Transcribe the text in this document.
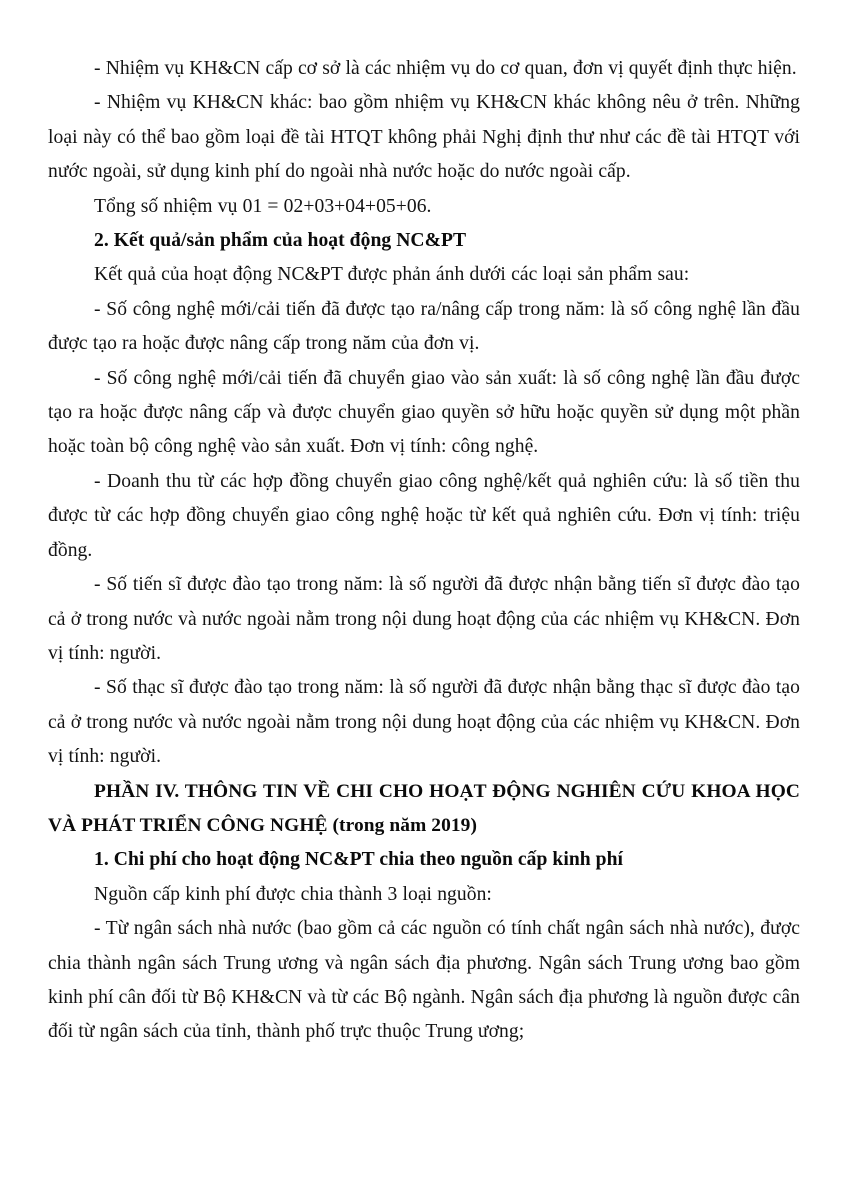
- Nhiệm vụ KH&CN cấp cơ sở là các nhiệm vụ do cơ quan, đơn vị quyết định thực hiện.

- Nhiệm vụ KH&CN khác: bao gồm nhiệm vụ KH&CN khác không nêu ở trên. Những loại này có thể bao gồm loại đề tài HTQT không phải Nghị định thư như các đề tài HTQT với nước ngoài, sử dụng kinh phí do ngoài nhà nước hoặc do nước ngoài cấp.

Tổng số nhiệm vụ 01 = 02+03+04+05+06.

2. Kết quả/sản phẩm của hoạt động NC&PT

Kết quả của hoạt động NC&PT được phản ánh dưới các loại sản phẩm sau:

- Số công nghệ mới/cải tiến đã được tạo ra/nâng cấp trong năm: là số công nghệ lần đầu được tạo ra hoặc được nâng cấp trong năm của đơn vị.

- Số công nghệ mới/cải tiến đã chuyển giao vào sản xuất: là số công nghệ lần đầu được tạo ra hoặc được nâng cấp và được chuyển giao quyền sở hữu hoặc quyền sử dụng một phần hoặc toàn bộ công nghệ vào sản xuất. Đơn vị tính: công nghệ.

- Doanh thu từ các hợp đồng chuyển giao công nghệ/kết quả nghiên cứu: là số tiền thu được từ các hợp đồng chuyển giao công nghệ hoặc từ kết quả nghiên cứu. Đơn vị tính: triệu đồng.

- Số tiến sĩ được đào tạo trong năm: là số người đã được nhận bằng tiến sĩ được đào tạo cả ở trong nước và nước ngoài nằm trong nội dung hoạt động của các nhiệm vụ KH&CN. Đơn vị tính: người.

- Số thạc sĩ được đào tạo trong năm: là số người đã được nhận bằng thạc sĩ được đào tạo cả ở trong nước và nước ngoài nằm trong nội dung hoạt động của các nhiệm vụ KH&CN. Đơn vị tính: người.

PHẦN IV. THÔNG TIN VỀ CHI CHO HOẠT ĐỘNG NGHIÊN CỨU KHOA HỌC VÀ PHÁT TRIỂN CÔNG NGHỆ (trong năm 2019)

1. Chi phí cho hoạt động NC&PT chia theo nguồn cấp kinh phí

Nguồn cấp kinh phí được chia thành 3 loại nguồn:

- Từ ngân sách nhà nước (bao gồm cả các nguồn có tính chất ngân sách nhà nước), được chia thành ngân sách Trung ương và ngân sách địa phương. Ngân sách Trung ương bao gồm kinh phí cân đối từ Bộ KH&CN và từ các Bộ ngành. Ngân sách địa phương là nguồn được cân đối từ ngân sách của tỉnh, thành phố trực thuộc Trung ương;
